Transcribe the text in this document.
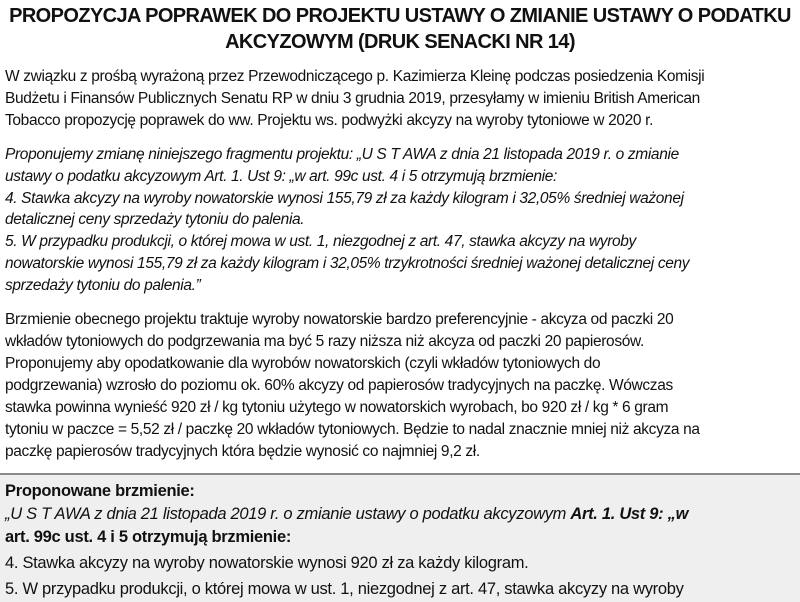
PROPOZYCJA POPRAWEK DO PROJEKTU USTAWY O ZMIANIE USTAWY O PODATKU
AKCYZOWYM (DRUK SENACKI NR 14)
W związku z prośbą wyrażoną przez Przewodniczącego p. Kazimierza Kleinę podczas posiedzenia Komisji
Budżetu i Finansów Publicznych Senatu RP w dniu 3 grudnia 2019, przesyłamy w imieniu British American
Tobacco propozycję poprawek do ww. Projektu ws. podwyżki akcyzy na wyroby tytoniowe w 2020 r.
Proponujemy zmianę niniejszego fragmentu projektu: „U S T AWA z dnia 21 listopada 2019 r. o zmianie
ustawy o podatku akcyzowym Art. 1. Ust 9: „w art. 99c ust. 4 i 5 otrzymują brzmienie:
4. Stawka akcyzy na wyroby nowatorskie wynosi 155,79 zł za każdy kilogram i 32,05% średniej ważonej
detalicznej ceny sprzedaży tytoniu do palenia.
5. W przypadku produkcji, o której mowa w ust. 1, niezgodnej z art. 47, stawka akcyzy na wyroby
nowatorskie wynosi 155,79 zł za każdy kilogram i 32,05% trzykrotności średniej ważonej detalicznej ceny
sprzedaży tytoniu do palenia.”
Brzmienie obecnego projektu traktuje wyroby nowatorskie bardzo preferencyjnie - akcyza od paczki 20
wkładów tytoniowych do podgrzewania ma być 5 razy niższa niż akcyza od paczki 20 papierosów.
Proponujemy aby opodatkowanie dla wyrobów nowatorskich (czyli wkładów tytoniowych do
podgrzewania) wzrosło do poziomu ok. 60% akcyzy od papierosów tradycyjnych na paczkę. Wówczas
stawka powinna wynieść 920 zł / kg tytoniu użytego w nowatorskich wyrobach, bo 920 zł / kg * 6 gram
tytoniu w paczce = 5,52 zł / paczkę 20 wkładów tytoniowych. Będzie to nadal znacznie mniej niż akcyza na
paczkę papierosów tradycyjnych która będzie wynosić co najmniej 9,2 zł.
Proponowane brzmienie:
„U S T AWA z dnia 21 listopada 2019 r. o zmianie ustawy o podatku akcyzowym Art. 1. Ust 9: „w
art. 99c ust. 4 i 5 otrzymują brzmienie:
4. Stawka akcyzy na wyroby nowatorskie wynosi 920 zł za każdy kilogram.
5. W przypadku produkcji, o której mowa w ust. 1, niezgodnej z art. 47, stawka akcyzy na wyroby
